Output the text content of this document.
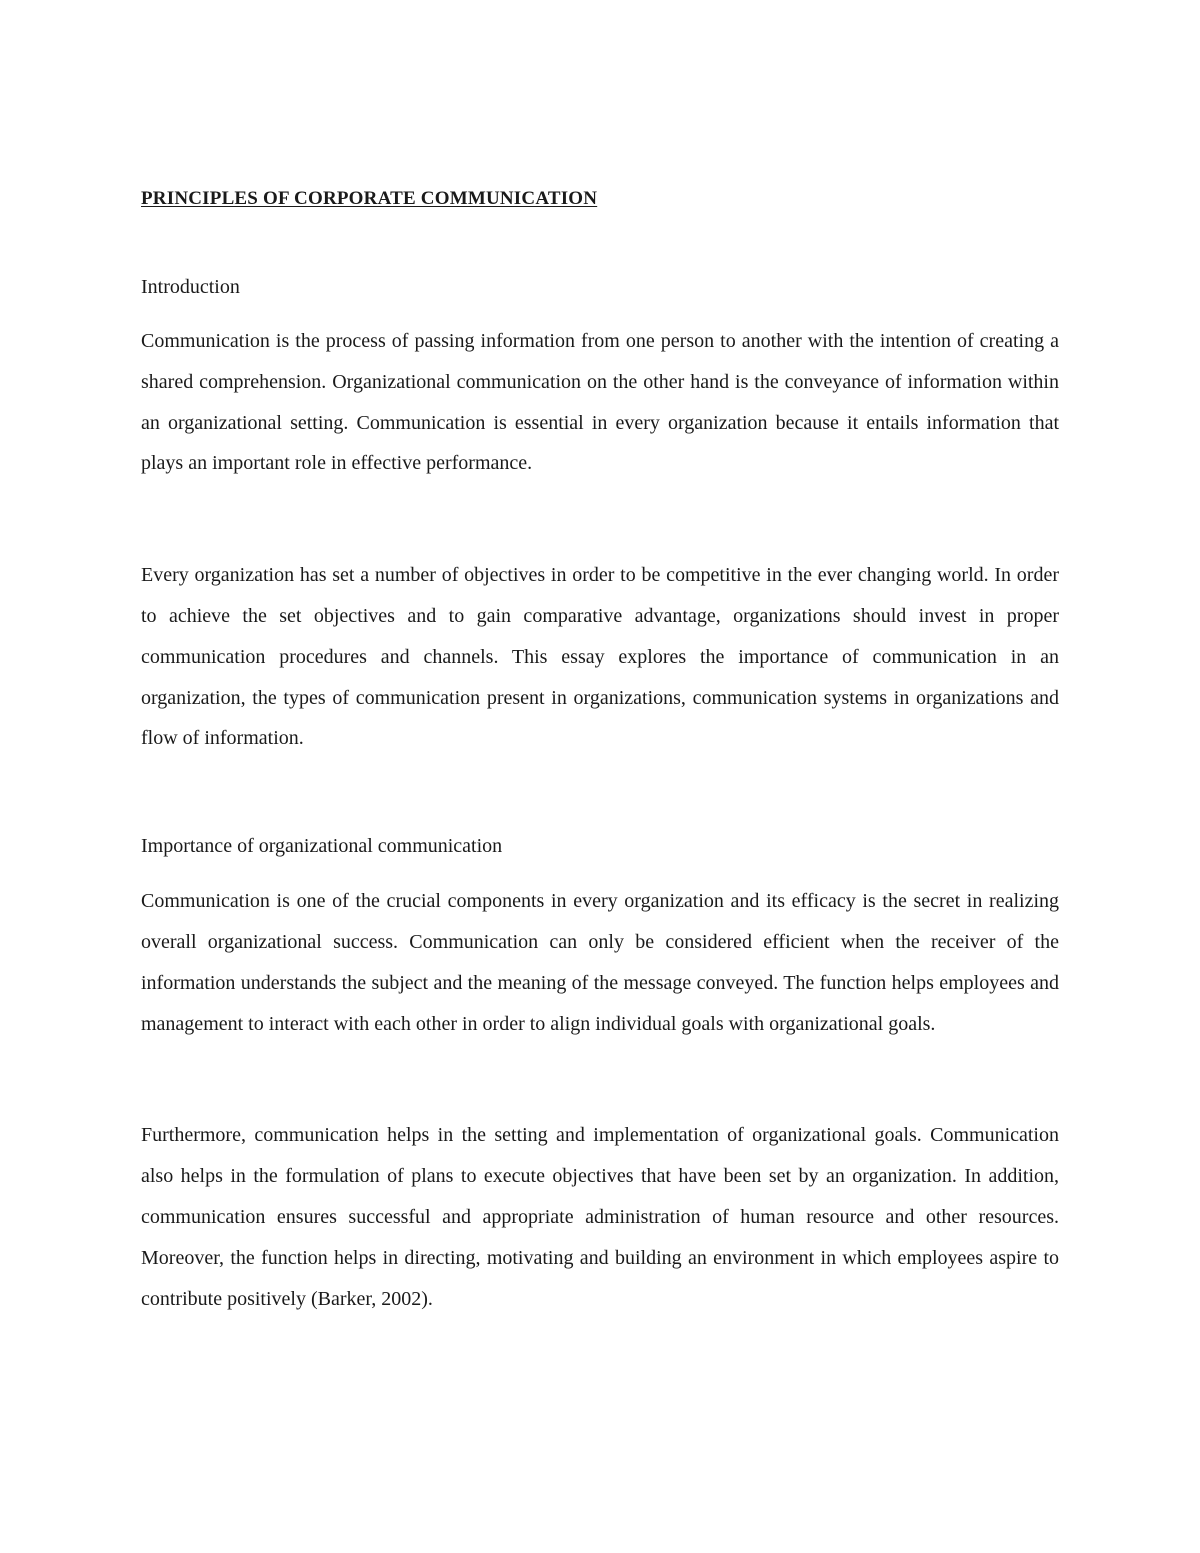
PRINCIPLES OF CORPORATE COMMUNICATION
Introduction

Communication is the process of passing information from one person to another with the intention of creating a shared comprehension. Organizational communication on the other hand is the conveyance of information within an organizational setting. Communication is essential in every organization because it entails information that plays an important role in effective performance.

Every organization has set a number of objectives in order to be competitive in the ever changing world. In order to achieve the set objectives and to gain comparative advantage, organizations should invest in proper communication procedures and channels. This essay explores the importance of communication in an organization, the types of communication present in organizations, communication systems in organizations and flow of information.

Importance of organizational communication

Communication is one of the crucial components in every organization and its efficacy is the secret in realizing overall organizational success. Communication can only be considered efficient when the receiver of the information understands the subject and the meaning of the message conveyed. The function helps employees and management to interact with each other in order to align individual goals with organizational goals.

Furthermore, communication helps in the setting and implementation of organizational goals. Communication also helps in the formulation of plans to execute objectives that have been set by an organization. In addition, communication ensures successful and appropriate administration of human resource and other resources. Moreover, the function helps in directing, motivating and building an environment in which employees aspire to contribute positively (Barker, 2002).
